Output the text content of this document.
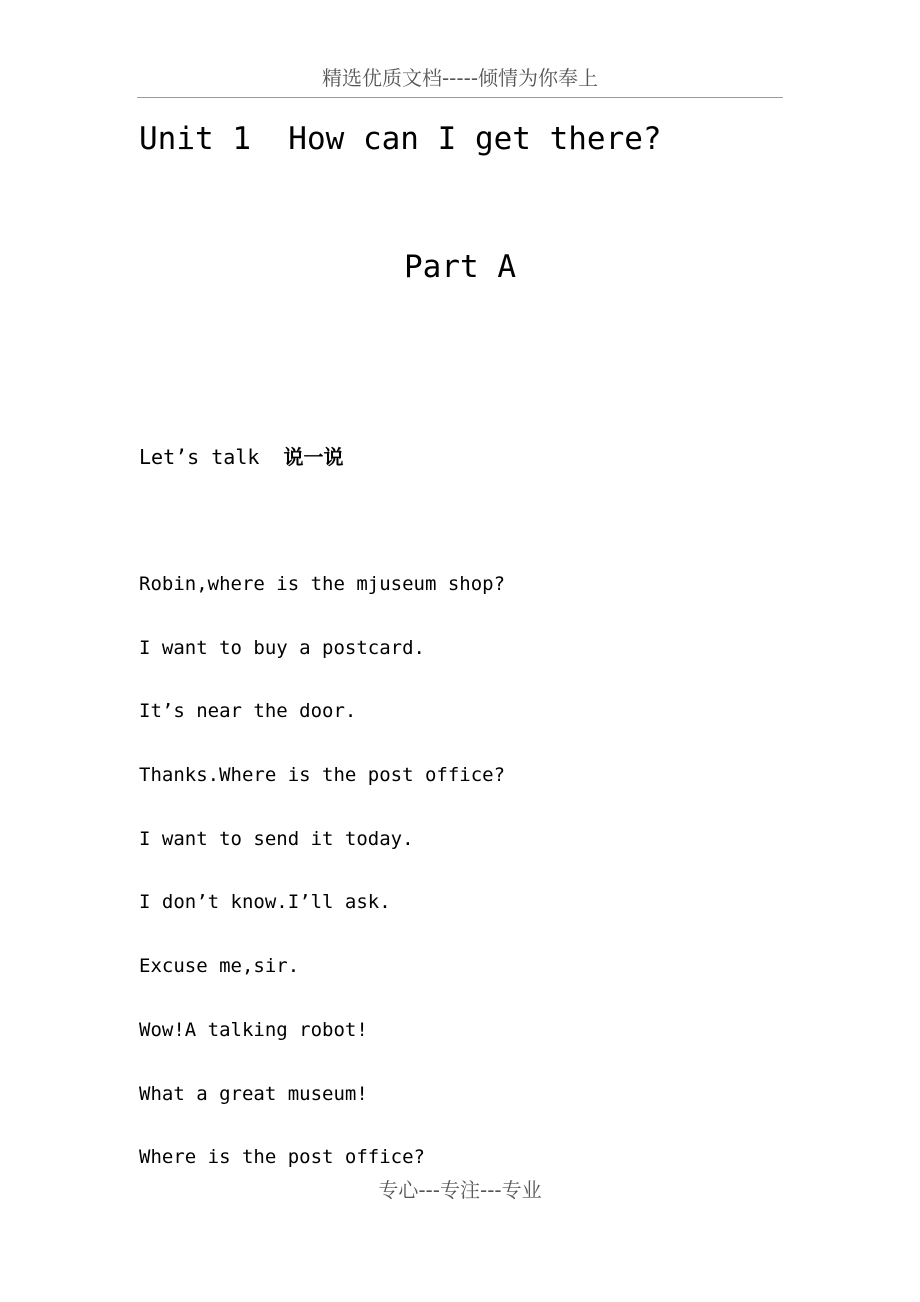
精选优质文档-----倾情为你奉上
Unit 1  How can I get there?
Part A
Let’s talk  说一说
Robin,where is the mjuseum shop?
I want to buy a postcard.
It’s near the door.
Thanks.Where is the post office?
I want to send it today.
I don’t know.I’ll ask.
Excuse me,sir.
Wow!A talking robot!
What a great museum!
Where is the post office?
专心---专注---专业
